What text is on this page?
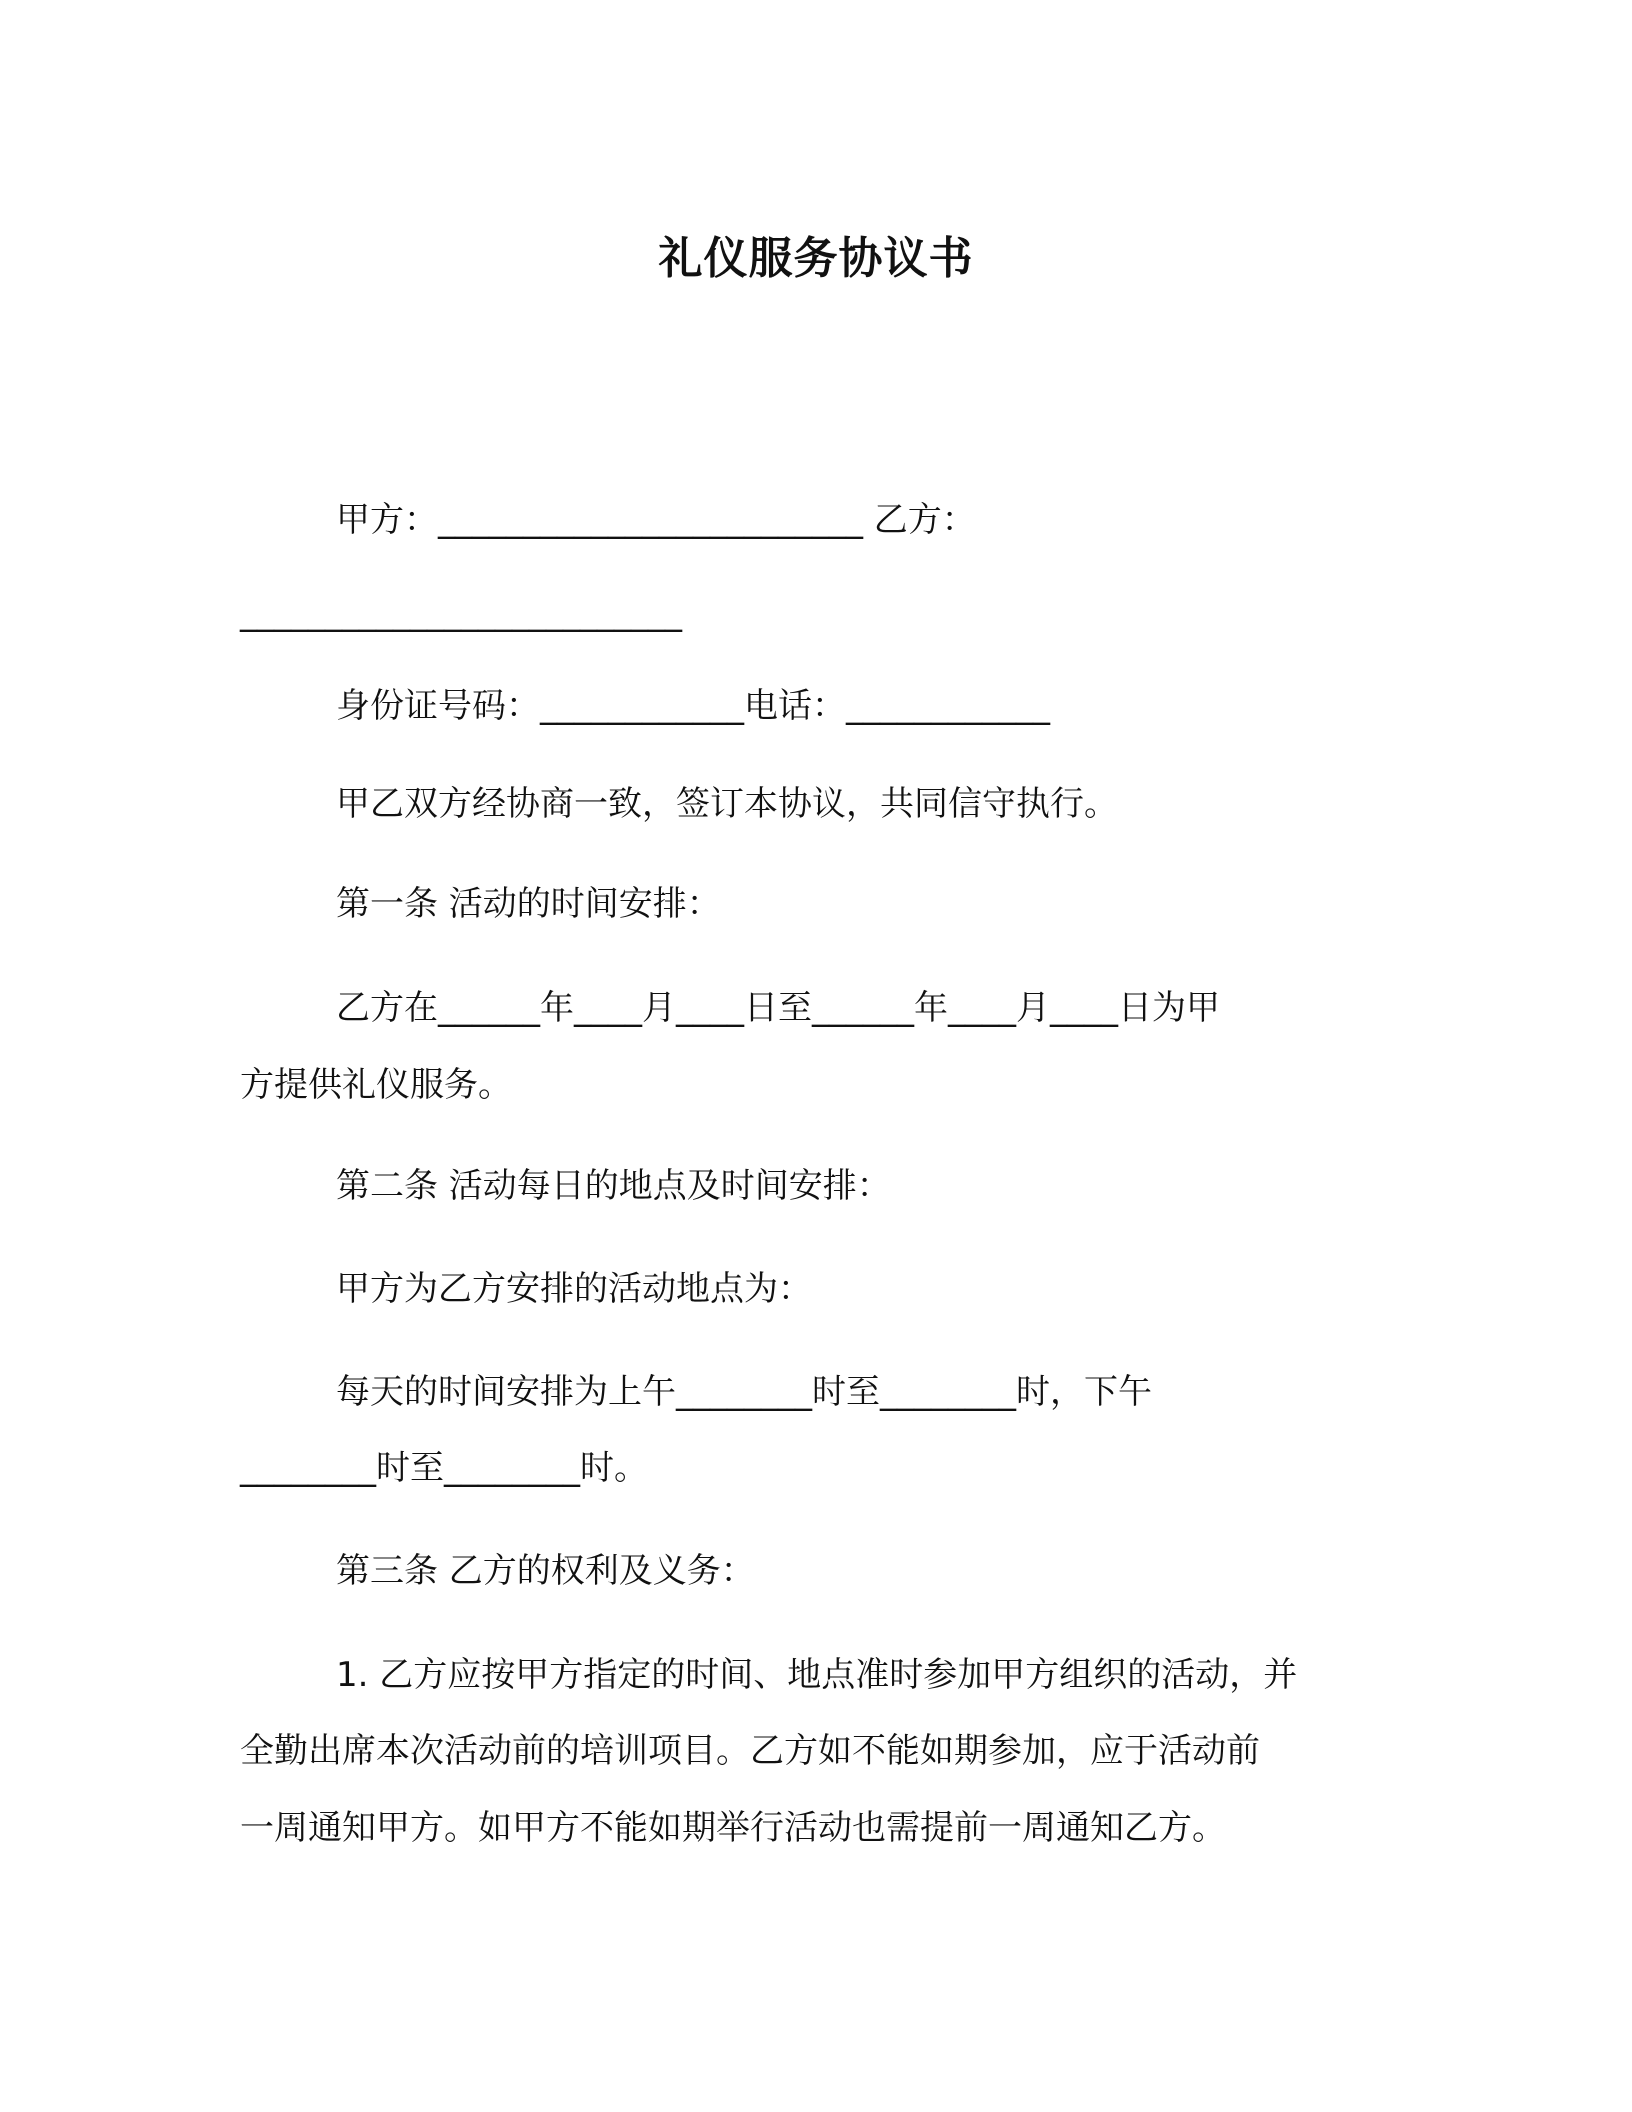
礼仪服务协议书
甲方：_________________________ 乙方：
__________________________
身份证号码：____________电话：____________
甲乙双方经协商一致，签订本协议，共同信守执行。
第一条 活动的时间安排：
乙方在______年____月____日至______年____月____日为甲
方提供礼仪服务。
第二条 活动每日的地点及时间安排：
甲方为乙方安排的活动地点为：
每天的时间安排为上午________时至________时，下午
________时至________时。
第三条 乙方的权利及义务：
1. 乙方应按甲方指定的时间、地点准时参加甲方组织的活动，并
全勤出席本次活动前的培训项目。乙方如不能如期参加，应于活动前
一周通知甲方。如甲方不能如期举行活动也需提前一周通知乙方。
